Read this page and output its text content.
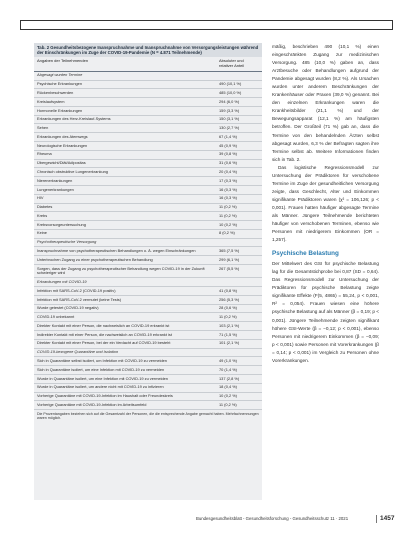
Tab. 2 Gesundheitsbezogene Inanspruchnahme und Inanspruchnahme von Versorgungsleistungen während der Einschränkungen im Zuge der COVID-19-Pandemie (N = 4.871 Teilnehmende)
Angaben der Teilnehmenden	Absoluter und relativer Anteil
Abgesagt wurden Termine
Psychische Erkrankungen	490 (10,1 %)
Rückenbeschwerden	485 (10,0 %)
Kreislaufsystem	294 (6,0 %)
Hormonelle Erkrankungen	159 (3,3 %)
Erkrankungen des Herz-Kreislauf-Systems	150 (3,1 %)
Sehen	130 (2,7 %)
Erkrankungen des Atemwegs	67 (1,4 %)
Neurologische Erkrankungen	45 (0,9 %)
Rheuma	39 (0,8 %)
Übergewicht/Diät/Adipositas	31 (0,6 %)
Chronisch obstruktive Lungenerkrankung	20 (0,4 %)
Nierenerkrankungen	17 (0,3 %)
Lungenerkrankungen	16 (0,3 %)
HIV	16 (0,3 %)
Diabetes	11 (0,2 %)
Krebs	11 (0,2 %)
Krebsvorsorgeuntersuchung	10 (0,2 %)
Keine	8 (0,2 %)
Psychotherapeutische Versorgung
Inanspruchnahme von psychotherapeutischen Behandlungen o. Ä. wegen Einschränkungen	365 (7,5 %)
Unterbrochen Zugang zu einer psychotherapeutischen Behandlung	299 (6,1 %)
Sorgen, dass der Zugang zu psychotherapeutischer Behandlung wegen COVID-19 in der Zukunft schwieriger wird
267 (5,5 %)
Erkrankungen mit COVID-19
Infektion mit SARS-CoV-2 (COVID-19 positiv)	41 (0,8 %)
Infektion mit SARS-CoV-2 vermutet (keine Tests)	256 (5,3 %)
Wurde getestet (COVID-19 negativ)	28 (0,6 %)
COVID-19 unbekannt	11 (0,2 %)
Direkter Kontakt mit einer Person, die nachweislich an COVID-19 erkrankt ist	103 (2,1 %)
Indirekter Kontakt mit einer Person, die nachweislich an COVID-19 erkrankt ist	71 (1,5 %)
Direkter Kontakt mit einer Person, bei der ein Verdacht auf COVID-19 besteht	101 (2,1 %)
COVID-19-bezogene Quarantäne und Isolation
Sich in Quarantäne selbst isoliert, um Infektion mit COVID-19 zu vermeiden	49 (1,0 %)
Sich in Quarantäne isoliert, um eine Infektion mit COVID-19 zu vermeiden	70 (1,4 %)
Wurde in Quarantäne isoliert, um eine Infektion mit COVID-19 zu vermeiden	137 (2,8 %)
Wurde in Quarantäne isoliert, um andere nicht mit COVID-19 zu infizieren	18 (0,4 %)
Vorherige Quarantäne mit COVID-19-Infektion im Haushalt oder Freundeskreis	10 (0,2 %)
Vorherige Quarantäne mit COVID-19-Infektion im Arbeitsumfeld	11 (0,2 %)
Die Prozentangaben beziehen sich auf die Gesamtzahl der Personen, die die entsprechende Angabe gemacht haben. Mehrfachnennungen waren möglich.

mäßig, beschrieben 490 (10,1 %) einen eingeschränkten Zugang zur medizinischen Versorgung. 485 (10,0 %) gaben an, dass Arztbesuche oder Behandlungen aufgrund der Pandemie abgesagt wurden (8,2 %). Als Ursachen wurden unter anderem Beschränkungen der Krankenhäuser oder Praxen (39,0 %) genannt. Bei den einzelnen Erkrankungen waren die Krankheitsbilder (21,1 %) und der Bewegungsapparat (12,1 %) am häufigsten betroffen. Der Großteil (71 %) gab an, dass die Termine von den behandelnden Ärzten selbst abgesagt wurden, 6,3 % der Befragten sagten ihre Termine selbst ab. Weitere Informationen finden sich in Tab. 2.

Das logistische Regressionsmodell zur Untersuchung der Prädiktoren für verschobene Termine im Zuge der gesundheitlichen Versorgung zeigte, dass Geschlecht, Alter und Einkommen signifikante Prädiktoren waren (χ² = 106,126; p < 0,001). Frauen hatten häufiger abgesagte Termine als Männer. Jüngere Teilnehmende berichteten häufiger von verschobenen Terminen, ebenso wie Personen mit niedrigerem Einkommen (OR = 1,257).

Psychische Belastung

Der Mittelwert des GSI für psychische Belastung lag für die Gesamtstichprobe bei 0,87 (SD = 0,64). Das Regressionsmodell zur Untersuchung der Prädiktoren für psychische Belastung zeigte signifikante Effekte (F(5, 4865) = 55,24, p < 0,001, R² = 0,054). Frauen wiesen eine höhere psychische Belastung auf als Männer (β = 0,19; p < 0,001). Jüngere Teilnehmende zeigten signifikant höhere GSI-Werte (β = −0,12; p < 0,001), ebenso Personen mit niedrigerem Einkommen (β = −0,09; p < 0,001) sowie Personen mit Vorerkrankungen (β = 0,14; p < 0,001) im Vergleich zu Personen ohne Vorerkrankungen.

Bundesgesundheitsblatt - Gesundheitsforschung - Gesundheitsschutz 11 · 2021	1457
